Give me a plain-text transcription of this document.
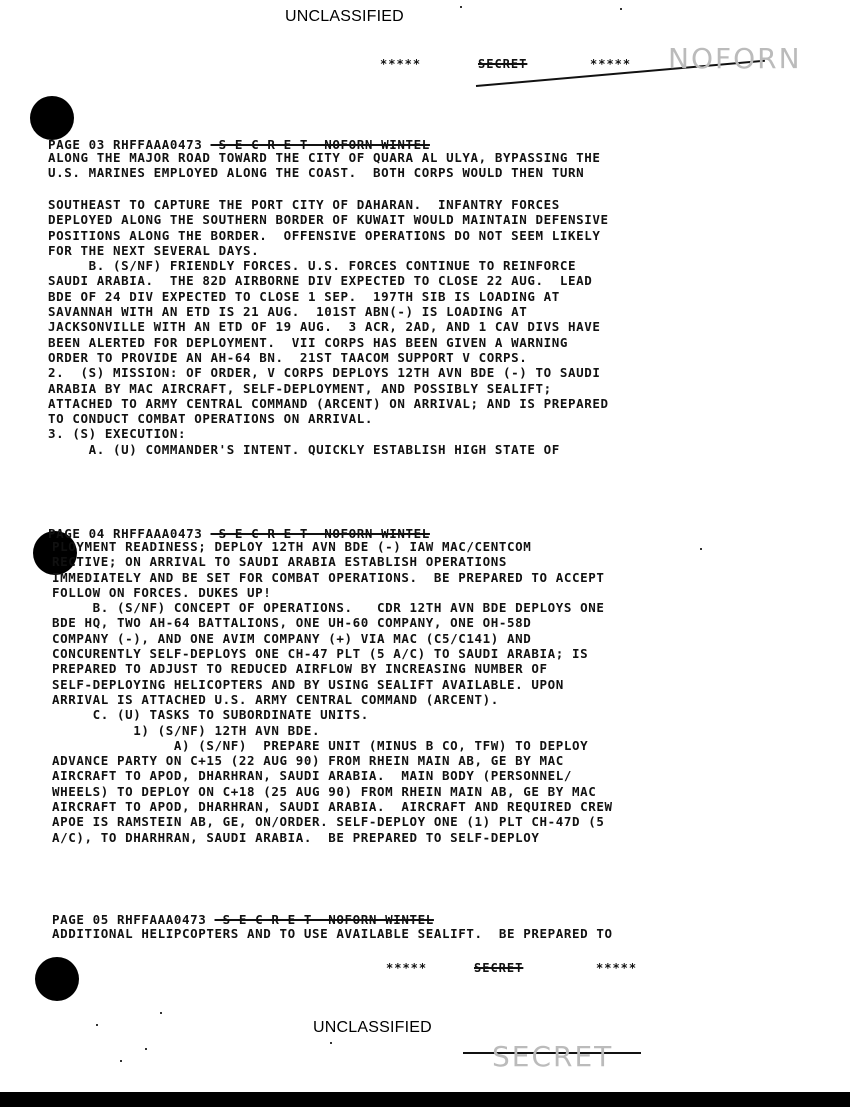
UNCLASSIFIED
*****	SECRET	***** NOFORN
PAGE 03 RHFFAAA0473  S E C R E T  NOFORN WINTEL
ALONG THE MAJOR ROAD TOWARD THE CITY OF QUARA AL ULYA, BYPASSING THE
U.S. MARINES EMPLOYED ALONG THE COAST.  BOTH CORPS WOULD THEN TURN
SOUTHEAST TO CAPTURE THE PORT CITY OF DAHARAN.  INFANTRY FORCES
DEPLOYED ALONG THE SOUTHERN BORDER OF KUWAIT WOULD MAINTAIN DEFENSIVE
POSITIONS ALONG THE BORDER.  OFFENSIVE OPERATIONS DO NOT SEEM LIKELY
FOR THE NEXT SEVERAL DAYS.
B. (S/NF) FRIENDLY FORCES. U.S. FORCES CONTINUE TO REINFORCE
SAUDI ARABIA.  THE 82D AIRBORNE DIV EXPECTED TO CLOSE 22 AUG.  LEAD
BDE OF 24 DIV EXPECTED TO CLOSE 1 SEP.  197TH SIB IS LOADING AT
SAVANNAH WITH AN ETD IS 21 AUG.  101ST ABN(-) IS LOADING AT
JACKSONVILLE WITH AN ETD OF 19 AUG.  3 ACR, 2AD, AND 1 CAV DIVS HAVE
BEEN ALERTED FOR DEPLOYMENT.  VII CORPS HAS BEEN GIVEN A WARNING
ORDER TO PROVIDE AN AH-64 BN.  21ST TAACOM SUPPORT V CORPS.
2.  (S) MISSION: OF ORDER, V CORPS DEPLOYS 12TH AVN BDE (-) TO SAUDI
ARABIA BY MAC AIRCRAFT, SELF-DEPLOYMENT, AND POSSIBLY SEALIFT;
ATTACHED TO ARMY CENTRAL COMMAND (ARCENT) ON ARRIVAL; AND IS PREPARED
TO CONDUCT COMBAT OPERATIONS ON ARRIVAL.
3. (S) EXECUTION:
A. (U) COMMANDER'S INTENT. QUICKLY ESTABLISH HIGH STATE OF
PAGE 04 RHFFAAA0473  S E C R E T  NOFORN WINTEL
PLOYMENT READINESS; DEPLOY 12TH AVN BDE (-) IAW MAC/CENTCOM
RECTIVE; ON ARRIVAL TO SAUDI ARABIA ESTABLISH OPERATIONS
IMMEDIATELY AND BE SET FOR COMBAT OPERATIONS.  BE PREPARED TO ACCEPT
FOLLOW ON FORCES. DUKES UP!
B. (S/NF) CONCEPT OF OPERATIONS.   CDR 12TH AVN BDE DEPLOYS ONE
BDE HQ, TWO AH-64 BATTALIONS, ONE UH-60 COMPANY, ONE OH-58D
COMPANY (-), AND ONE AVIM COMPANY (+) VIA MAC (C5/C141) AND
CONCURENTLY SELF-DEPLOYS ONE CH-47 PLT (5 A/C) TO SAUDI ARABIA; IS
PREPARED TO ADJUST TO REDUCED AIRFLOW BY INCREASING NUMBER OF
SELF-DEPLOYING HELICOPTERS AND BY USING SEALIFT AVAILABLE. UPON
ARRIVAL IS ATTACHED U.S. ARMY CENTRAL COMMAND (ARCENT).
C. (U) TASKS TO SUBORDINATE UNITS.
1) (S/NF) 12TH AVN BDE.
A) (S/NF)  PREPARE UNIT (MINUS B CO, TFW) TO DEPLOY
ADVANCE PARTY ON C+15 (22 AUG 90) FROM RHEIN MAIN AB, GE BY MAC
AIRCRAFT TO APOD, DHARHRAN, SAUDI ARABIA.  MAIN BODY (PERSONNEL/
WHEELS) TO DEPLOY ON C+18 (25 AUG 90) FROM RHEIN MAIN AB, GE BY MAC
AIRCRAFT TO APOD, DHARHRAN, SAUDI ARABIA.  AIRCRAFT AND REQUIRED CREW
APOE IS RAMSTEIN AB, GE, ON/ORDER. SELF-DEPLOY ONE (1) PLT CH-47D (5
A/C), TO DHARHRAN, SAUDI ARABIA.  BE PREPARED TO SELF-DEPLOY
PAGE 05 RHFFAAA0473  S E C R E T  NOFORN WINTEL
ADDITIONAL HELIPCOPTERS AND TO USE AVAILABLE SEALIFT.  BE PREPARED TO
*****	SECRET	*****
UNCLASSIFIED
SECRET
